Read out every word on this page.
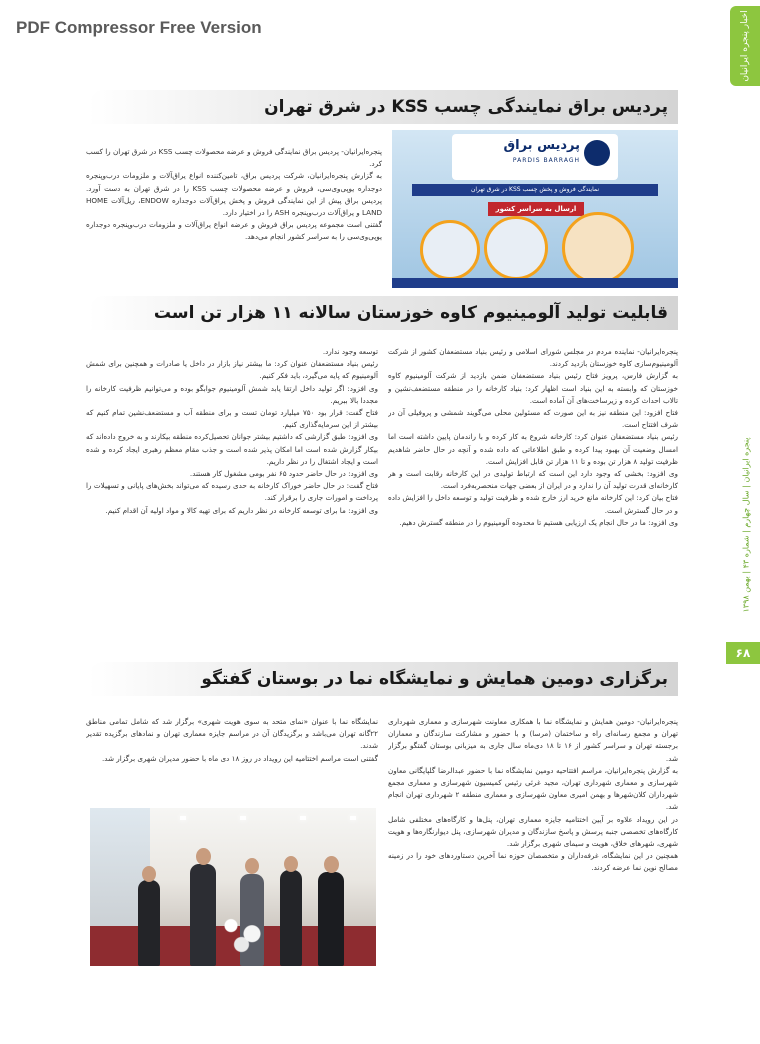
PDF Compressor Free Version	اخبار پنجره ایرانیان
پنجره ایرانیان | سال چهارم | شماره ۴۳ | بهمن ۱۳۹۸
۶۸
پردیس براق نمایندگی چسب KSS در شرق تهران

پنجره‌ایرانیان- پردیس براق نمایندگی فروش و عرضه محصولات چسب KSS در شرق تهران را کسب کرد.

به گزارش پنجره‌ایرانیان، شرکت پردیس براق، تامین‌کننده انواع یراق‌آلات و ملزومات درب‌وپنجره دوجداره یو‌پی‌وی‌سی، فروش و عرضه محصولات چسب KSS را در شرق تهران به دست آورد. پردیس براق پیش از این نمایندگی فروش و پخش یراق‌آلات دوجداره ENDOW، ریل‌آلات HOME LAND و یراق‌آلات درب‌وپنجره ASH را در اختیار دارد.

گفتنی است مجموعه پردیس براق فروش و عرضه انواع یراق‌آلات و ملزومات درب‌وپنجره دوجداره یو‌پی‌وی‌سی را به سراسر کشور انجام می‌دهد.

پردیس براق
PARDIS BARRAGH
نمایندگی فروش و پخش چسب KSS در شرق تهران
ارسال به سراسر کشور
قابلیت تولید آلومینیوم کاوه خوزستان سالانه ۱۱ هزار تن است

پنجره‌ایرانیان- نماینده مردم در مجلس شورای اسلامی و رئیس بنیاد مستضعفان کشور از شرکت آلومینیوم‌سازی کاوه خوزستان بازدید کردند.

به گزارش فارس، پرویز فتاح رئیس بنیاد مستضعفان ضمن بازدید از شرکت آلومینیوم کاوه خوزستان که وابسته به این بنیاد است اظهار کرد: بنیاد کارخانه را در منطقه مستضعف‌نشین و تالاب احداث کرده و زیرساخت‌های آن آماده است.

فتاح افزود: این منطقه نیز به این صورت که مسئولین محلی می‌گویند شمشی و پروفیلی آن در شرف افتتاح است.

رئیس بنیاد مستضعفان عنوان کرد: کارخانه شروع به کار کرده و با راندمان پایین داشته است اما امسال وضعیت آن بهبود پیدا کرده و طبق اطلاعاتی که داده شده و آنچه در حال حاضر شاهدیم ظرفیت تولید ۸ هزار تن بوده و تا ۱۱ هزار تن قابل افزایش است.

وی افزود: بخشی که وجود دارد این است که ارتباط تولیدی در این کارخانه رقابت است و هر کارخانه‌ای قدرت تولید آن را ندارد و در ایران از بعضی جهات منحصربه‌فرد است.

فتاح بیان کرد: این کارخانه مانع خرید ارز خارج شده و ظرفیت تولید و توسعه داخل را افزایش داده و در حال گسترش است.

وی افزود: ما در حال انجام یک ارزیابی هستیم تا محدوده آلومینیوم را در منطقه گسترش دهیم.

توسعه وجود ندارد.

رئیس بنیاد مستضعفان عنوان کرد: ما بیشتر نیاز بازار در داخل یا صادرات و همچنین برای شمش آلومینیوم که پایه می‌گیرد، باید فکر کنیم.

وی افزود: اگر تولید داخل ارتقا یابد شمش آلومینیوم جوابگو بوده و می‌توانیم ظرفیت کارخانه را مجددا بالا ببریم.

فتاح گفت: قرار بود ۷۵۰ میلیارد تومان تست و برای منطقه آب و مستضعف‌نشین تمام کنیم که بیشتر از این سرمایه‌گذاری کنیم.

وی افزود: طبق گزارشی که داشتیم بیشتر جوانان تحصیل‌کرده منطقه بیکارند و به خروج داده‌اند که بیکار گزارش شده است اما امکان پذیر شده است و جذب مقام معظم رهبری ایجاد کرده و شده است و ایجاد اشتغال را در نظر داریم.

وی افزود: در حال حاضر حدود ۶۵ نفر بومی مشغول کار هستند.

فتاح گفت: در حال حاضر خوراک کارخانه به حدی رسیده که می‌تواند بخش‌های پایانی و تسهیلات را پرداخت و امورات جاری را برقرار کند.

وی افزود: ما برای توسعه کارخانه در نظر داریم که برای تهیه کالا و مواد اولیه آن اقدام کنیم.

برگزاری دومین همایش و نمایشگاه نما در بوستان گفتگو

پنجره‌ایرانیان- دومین همایش و نمایشگاه نما با همکاری معاونت شهرسازی و معماری شهرداری تهران و مجمع رسانه‌ای راه و ساختمان (مرسا) و با حضور و مشارکت سازندگان و معماران برجسته تهران و سراسر کشور از ۱۶ تا ۱۸ دی‌ماه سال جاری به میزبانی بوستان گفتگو برگزار شد.

به گزارش پنجره‌ایرانیان، مراسم افتتاحیه دومین نمایشگاه نما با حضور عبدالرضا گلپایگانی معاون شهرسازی و معماری شهرداری تهران، مجید غرئی رئیس کمیسیون شهرسازی و معماری مجمع شهرداران کلان‌شهرها و بهمن امیری معاون شهرسازی و معماری منطقه ۲ شهرداری تهران انجام شد.

در این رویداد علاوه بر آیین اختتامیه جایزه معماری تهران، پنل‌ها و کارگاه‌های مختلفی شامل کارگاه‌های تخصصی جنبه پرسش و پاسخ سازندگان و مدیران شهرسازی، پنل دیوارنگاره‌ها و هویت شهری، شهرهای خلاق، هویت و سیمای شهری برگزار شد.

همچنین در این نمایشگاه، غرفه‌داران و متخصصان حوزه نما آخرین دستاوردهای خود را در زمینه مصالح نوین نما عرضه کردند.

نمایشگاه نما با عنوان «نمای متحد به سوی هویت شهری» برگزار شد که شامل تمامی مناطق ۲۲گانه تهران می‌باشد و برگزیدگان آن در مراسم جایزه معماری تهران و نمادهای برگزیده تقدیر شدند.

گفتنی است مراسم اختتامیه این رویداد در روز ۱۸ دی ماه با حضور مدیران شهری برگزار شد.
